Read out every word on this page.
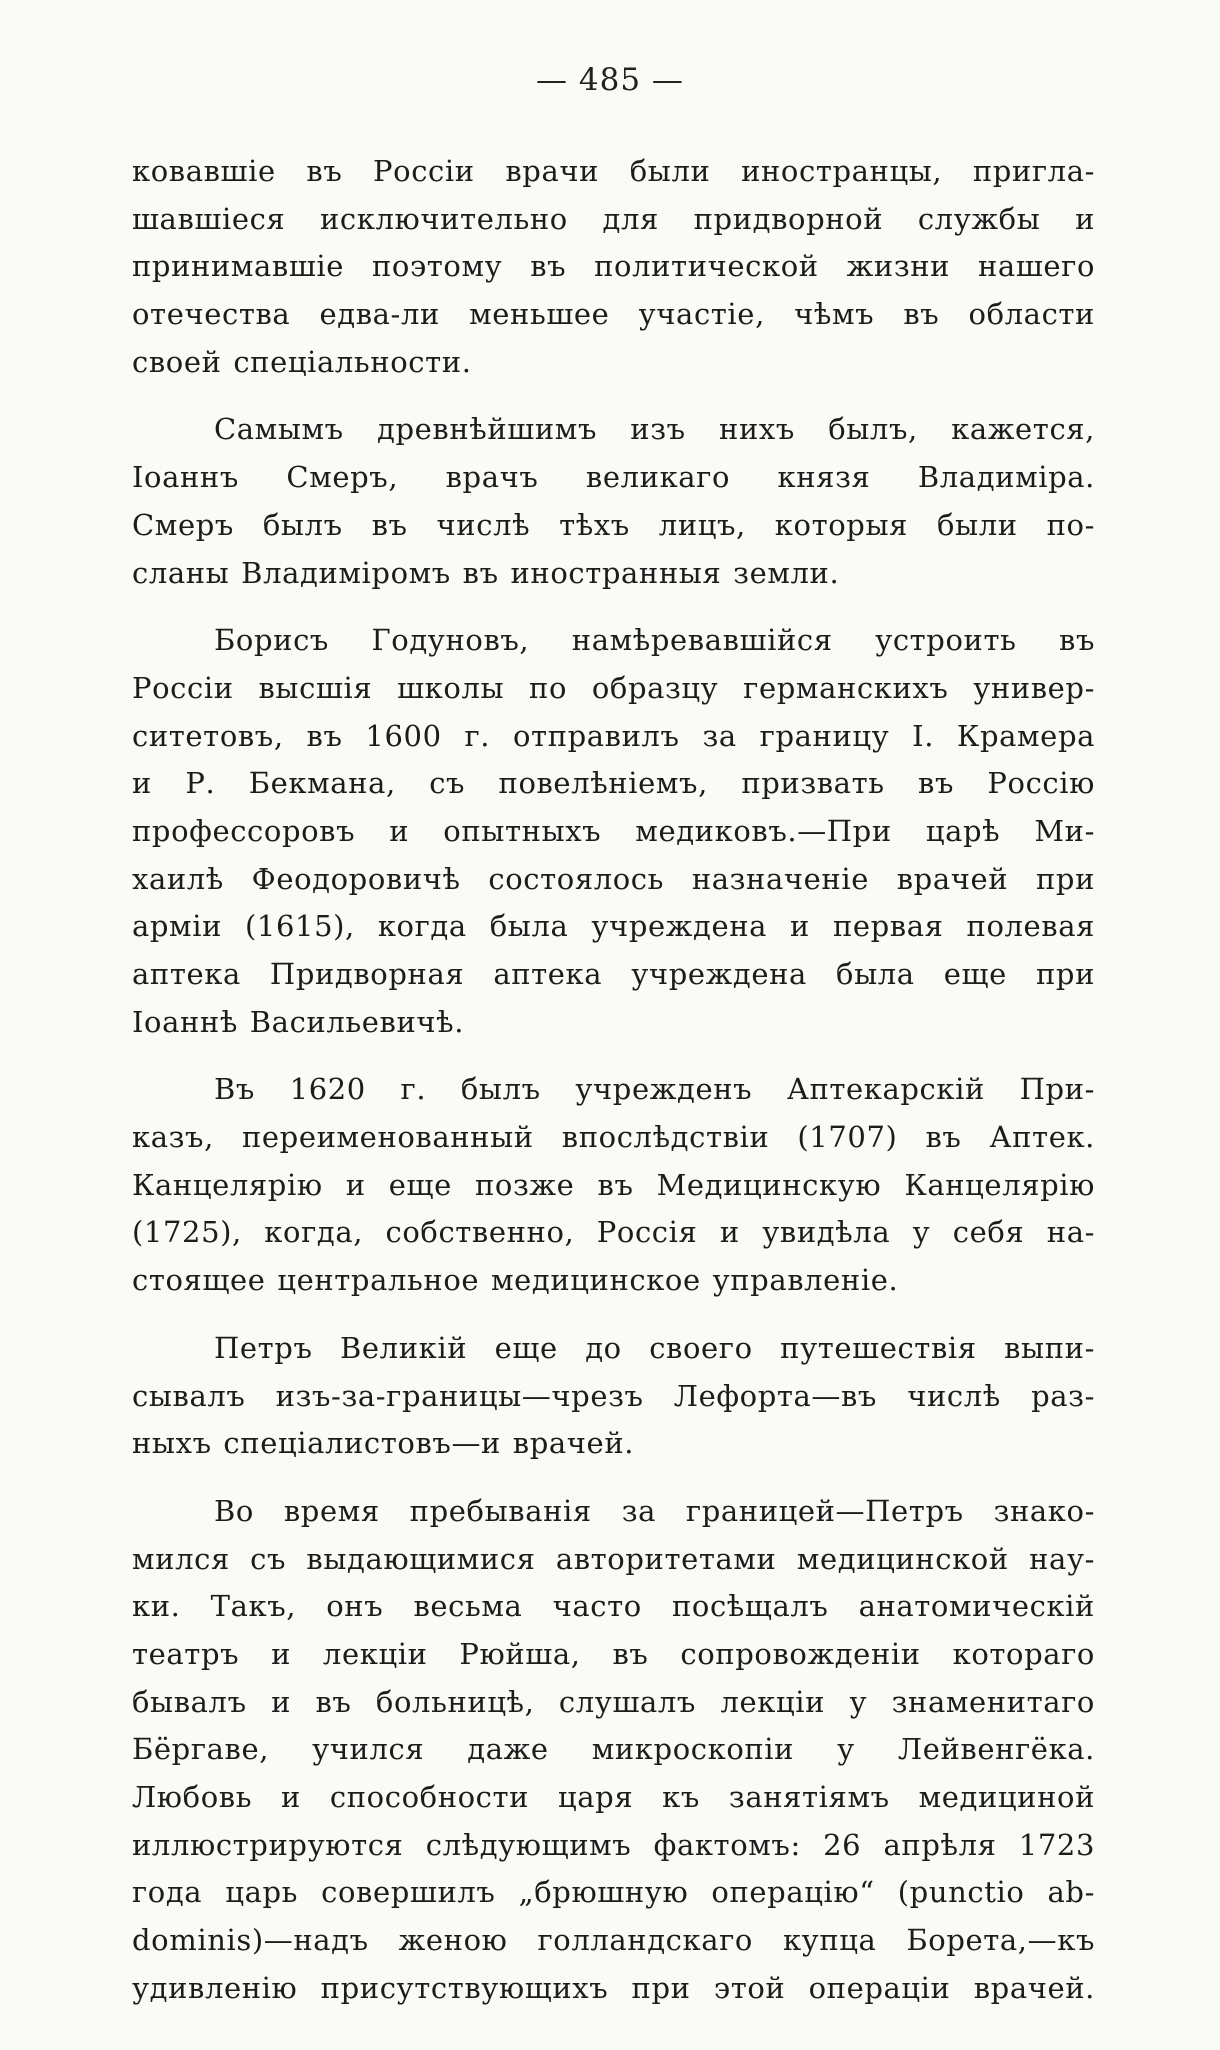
— 485 —
ковавшіе въ Россіи врачи были иностранцы, пригла-
шавшіеся исключительно для придворной службы и
принимавшіе поэтому въ политической жизни нашего
отечества едва-ли меньшее участіе, чѣмъ въ области
своей спеціальности.
Самымъ древнѣйшимъ изъ нихъ былъ, кажется,
Іоаннъ Смеръ, врачъ великаго князя Владиміра.
Смеръ былъ въ числѣ тѣхъ лицъ, которыя были по-
сланы Владиміромъ въ иностранныя земли.
Борисъ Годуновъ, намѣревавшійся устроить въ
Россіи высшія школы по образцу германскихъ универ-
ситетовъ, въ 1600 г. отправилъ за границу І. Крамера
и Р. Бекмана, съ повелѣніемъ, призвать въ Россію
профессоровъ и опытныхъ медиковъ.—При царѣ Ми-
хаилѣ Феодоровичѣ состоялось назначеніе врачей при
арміи (1615), когда была учреждена и первая полевая
аптека Придворная аптека учреждена была еще при
Іоаннѣ Васильевичѣ.
Въ 1620 г. былъ учрежденъ Аптекарскій При-
казъ, переименованный впослѣдствіи (1707) въ Аптек.
Канцелярію и еще позже въ Медицинскую Канцелярію
(1725), когда, собственно, Россія и увидѣла у себя на-
стоящее центральное медицинское управленіе.
Петръ Великій еще до своего путешествія выпи-
сывалъ изъ-за-границы—чрезъ Лефорта—въ числѣ раз-
ныхъ спеціалистовъ—и врачей.
Во время пребыванія за границей—Петръ знако-
мился съ выдающимися авторитетами медицинской нау-
ки. Такъ, онъ весьма часто посѣщалъ анатомическій
театръ и лекціи Рюйша, въ сопровожденіи котораго
бывалъ и въ больницѣ, слушалъ лекціи у знаменитаго
Бёргаве, учился даже микроскопіи у Лейвенгёка.
Любовь и способности царя къ занятіямъ медициной
иллюстрируются слѣдующимъ фактомъ: 26 апрѣля 1723
года царь совершилъ „брюшную операцію“ (punctio ab-
dominis)—надъ женою голландскаго купца Борета,—къ
удивленію присутствующихъ при этой операціи врачей.
